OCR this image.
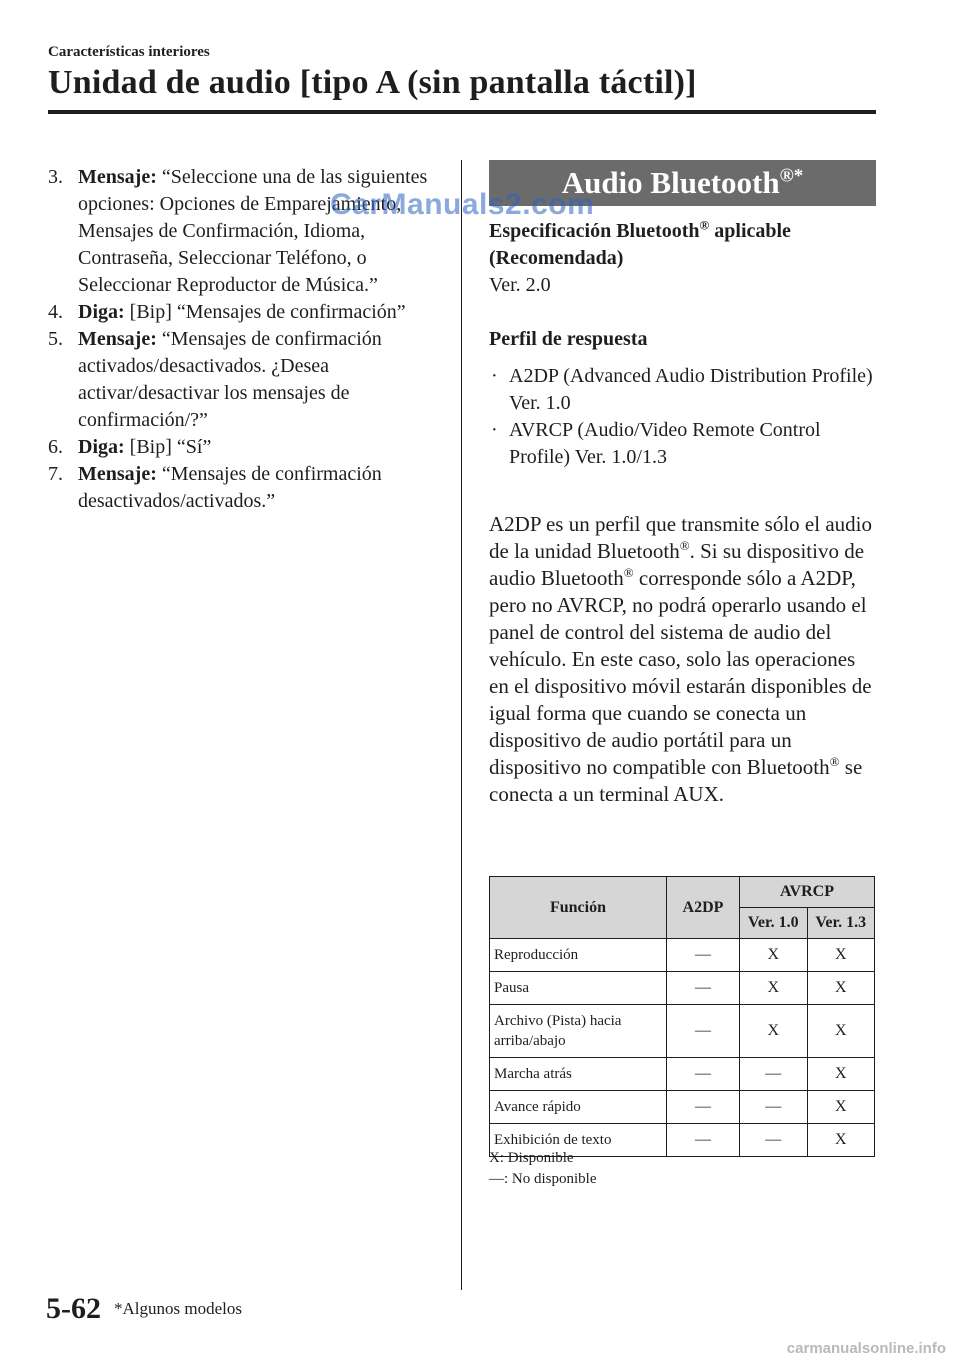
Características interiores
Unidad de audio [tipo A (sin pantalla táctil)]
3. Mensaje: “Seleccione una de las siguientes opciones: Opciones de Emparejamiento, Mensajes de Confirmación, Idioma, Contraseña, Seleccionar Teléfono, o Seleccionar Reproductor de Música.”
4. Diga: [Bip] “Mensajes de confirmación”
5. Mensaje: “Mensajes de confirmación activados/desactivados. ¿Desea activar/desactivar los mensajes de confirmación/?”
6. Diga: [Bip] “Sí”
7. Mensaje: “Mensajes de confirmación desactivados/activados.”
Audio Bluetooth®*
Especificación Bluetooth® aplicable (Recomendada)
Ver. 2.0
Perfil de respuesta
· A2DP (Advanced Audio Distribution Profile) Ver. 1.0
· AVRCP (Audio/Video Remote Control Profile) Ver. 1.0/1.3
A2DP es un perfil que transmite sólo el audio de la unidad Bluetooth®. Si su dispositivo de audio Bluetooth® corresponde sólo a A2DP, pero no AVRCP, no podrá operarlo usando el panel de control del sistema de audio del vehículo. En este caso, solo las operaciones en el dispositivo móvil estarán disponibles de igual forma que cuando se conecta un dispositivo de audio portátil para un dispositivo no compatible con Bluetooth® se conecta a un terminal AUX.
Función	A2DP	AVRCP	
		Ver. 1.0	Ver. 1.3
Reproducción	—	X	X
Pausa	—	X	X
Archivo (Pista) hacia arriba/abajo	—	X	X
Marcha atrás	—	—	X
Avance rápido	—	—	X
Exhibición de texto	—	—	X
X: Disponible
—: No disponible
5-62 *Algunos modelos
CarManuals2.com
carmanualsonline.info
